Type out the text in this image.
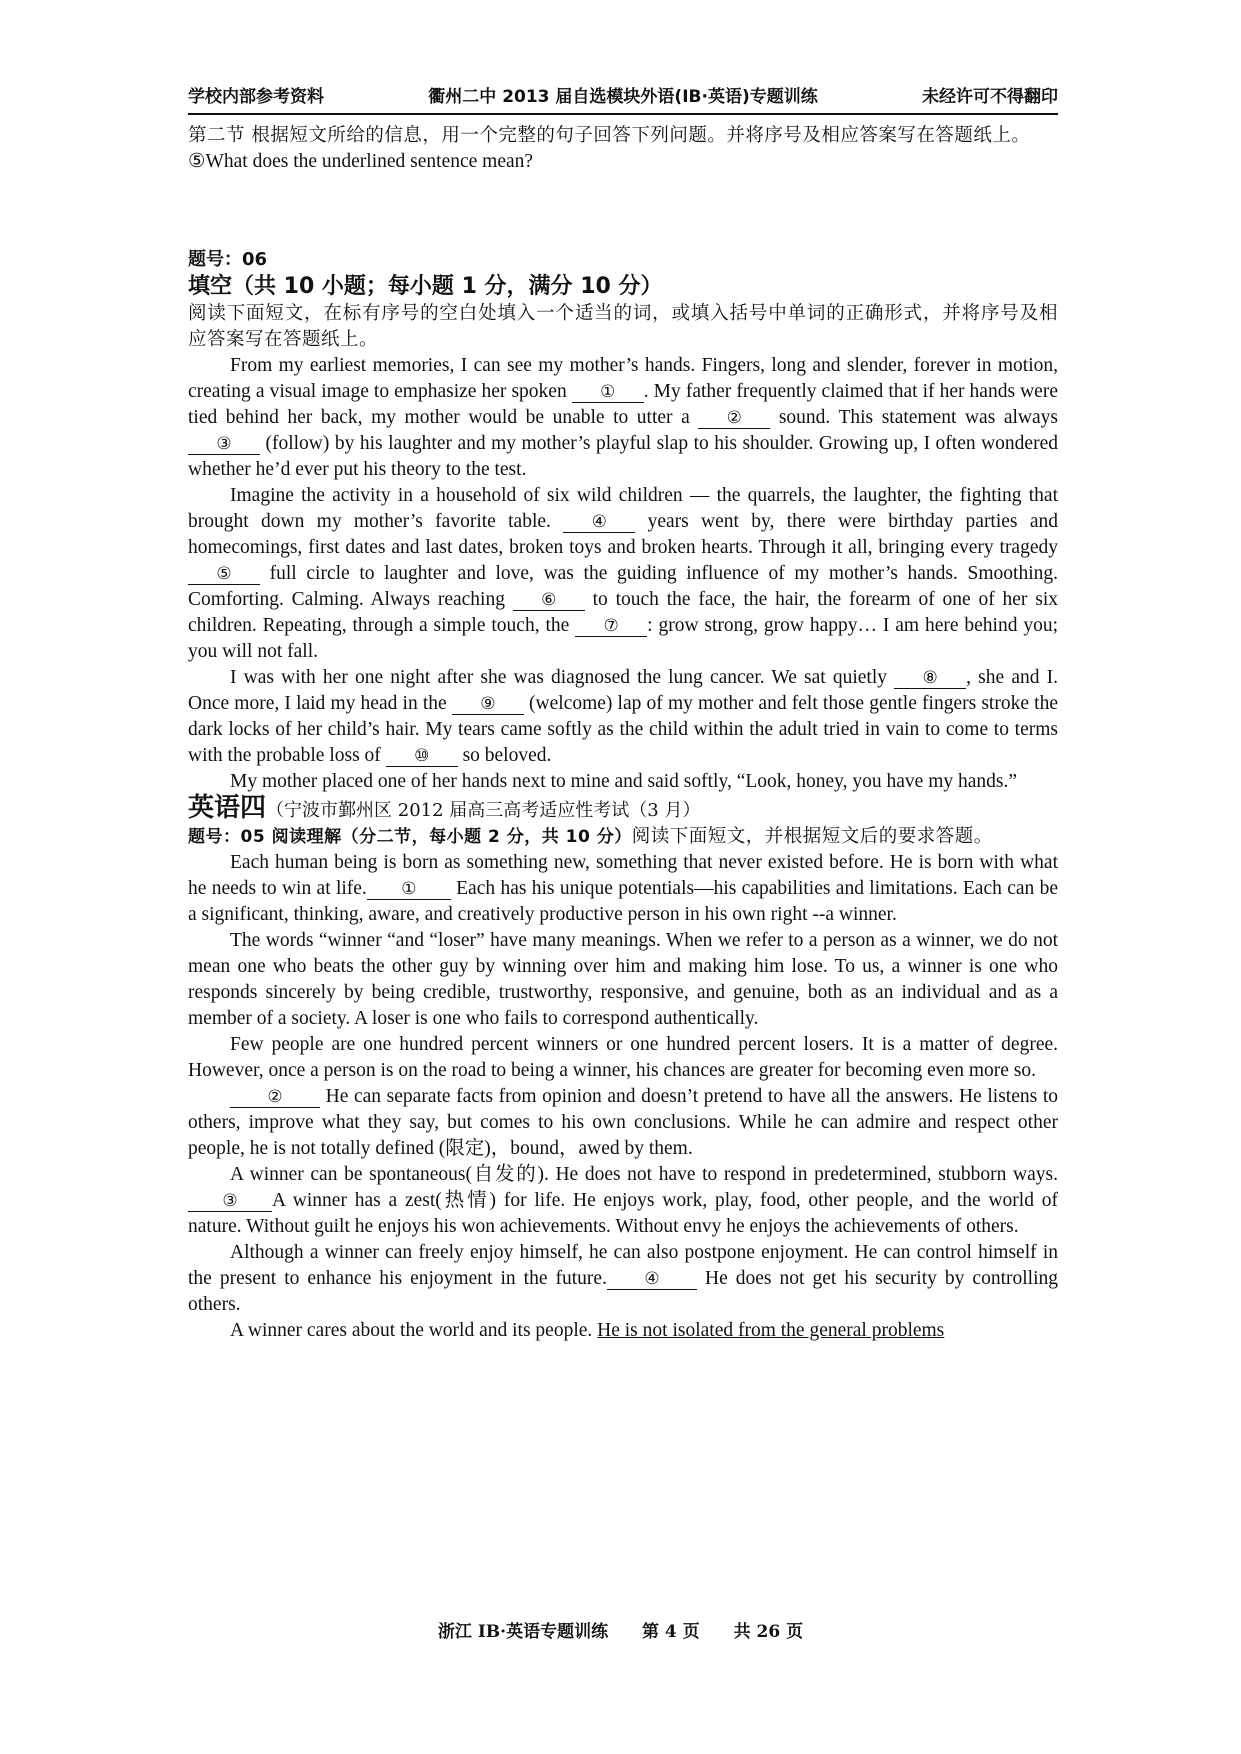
学校内部参考资料	衢州二中 2013 届自选模块外语(IB·英语)专题训练	未经许可不得翻印

第二节 根据短文所给的信息，用一个完整的句子回答下列问题。并将序号及相应答案写在答题纸上。

⑤What does the underlined sentence mean?

题号：06
填空（共 10 小题；每小题 1 分，满分 10 分）

阅读下面短文，在标有序号的空白处填入一个适当的词，或填入括号中单词的正确形式，并将序号及相应答案写在答题纸上。

From my earliest memories, I can see my mother’s hands. Fingers, long and slender, forever in motion, creating a visual image to emphasize her spoken ① . My father frequently claimed that if her hands were tied behind her back, my mother would be unable to utter a ② sound. This statement was always ③ (follow) by his laughter and my mother’s playful slap to his shoulder. Growing up, I often wondered whether he’d ever put his theory to the test.

Imagine the activity in a household of six wild children — the quarrels, the laughter, the fighting that brought down my mother’s favorite table. ④ years went by, there were birthday parties and homecomings, first dates and last dates, broken toys and broken hearts. Through it all, bringing every tragedy ⑤ full circle to laughter and love, was the guiding influence of my mother’s hands. Smoothing. Comforting. Calming. Always reaching ⑥ to touch the face, the hair, the forearm of one of her six children. Repeating, through a simple touch, the ⑦ : grow strong, grow happy… I am here behind you; you will not fall.

I was with her one night after she was diagnosed the lung cancer. We sat quietly ⑧ , she and I. Once more, I laid my head in the ⑨ (welcome) lap of my mother and felt those gentle fingers stroke the dark locks of her child’s hair. My tears came softly as the child within the adult tried in vain to come to terms with the probable loss of ⑩ so beloved.

My mother placed one of her hands next to mine and said softly, “Look, honey, you have my hands.”

英语四（宁波市鄞州区 2012 届高三高考适应性考试（3 月）

题号：05 阅读理解（分二节，每小题 2 分，共 10 分）阅读下面短文，并根据短文后的要求答题。

Each human being is born as something new, something that never existed before. He is born with what he needs to win at life. ① Each has his unique potentials—his capabilities and limitations. Each can be a significant, thinking, aware, and creatively productive person in his own right --a winner.

The words “winner “and “loser” have many meanings. When we refer to a person as a winner, we do not mean one who beats the other guy by winning over him and making him lose. To us, a winner is one who responds sincerely by being credible, trustworthy, responsive, and genuine, both as an individual and as a member of a society. A loser is one who fails to correspond authentically.

Few people are one hundred percent winners or one hundred percent losers. It is a matter of degree. However, once a person is on the road to being a winner, his chances are greater for becoming even more so.

② He can separate facts from opinion and doesn’t pretend to have all the answers. He listens to others, improve what they say, but comes to his own conclusions. While he can admire and respect other people, he is not totally defined (限定)，bound，awed by them.

A winner can be spontaneous(自发的). He does not have to respond in predetermined, stubborn ways. ③ A winner has a zest(热情) for life. He enjoys work, play, food, other people, and the world of nature. Without guilt he enjoys his won achievements. Without envy he enjoys the achievements of others.

Although a winner can freely enjoy himself, he can also postpone enjoyment. He can control himself in the present to enhance his enjoyment in the future. ④ He does not get his security by controlling others.

A winner cares about the world and its people. He is not isolated from the general problems

浙江 IB·英语专题训练 第 4 页 共 26 页
